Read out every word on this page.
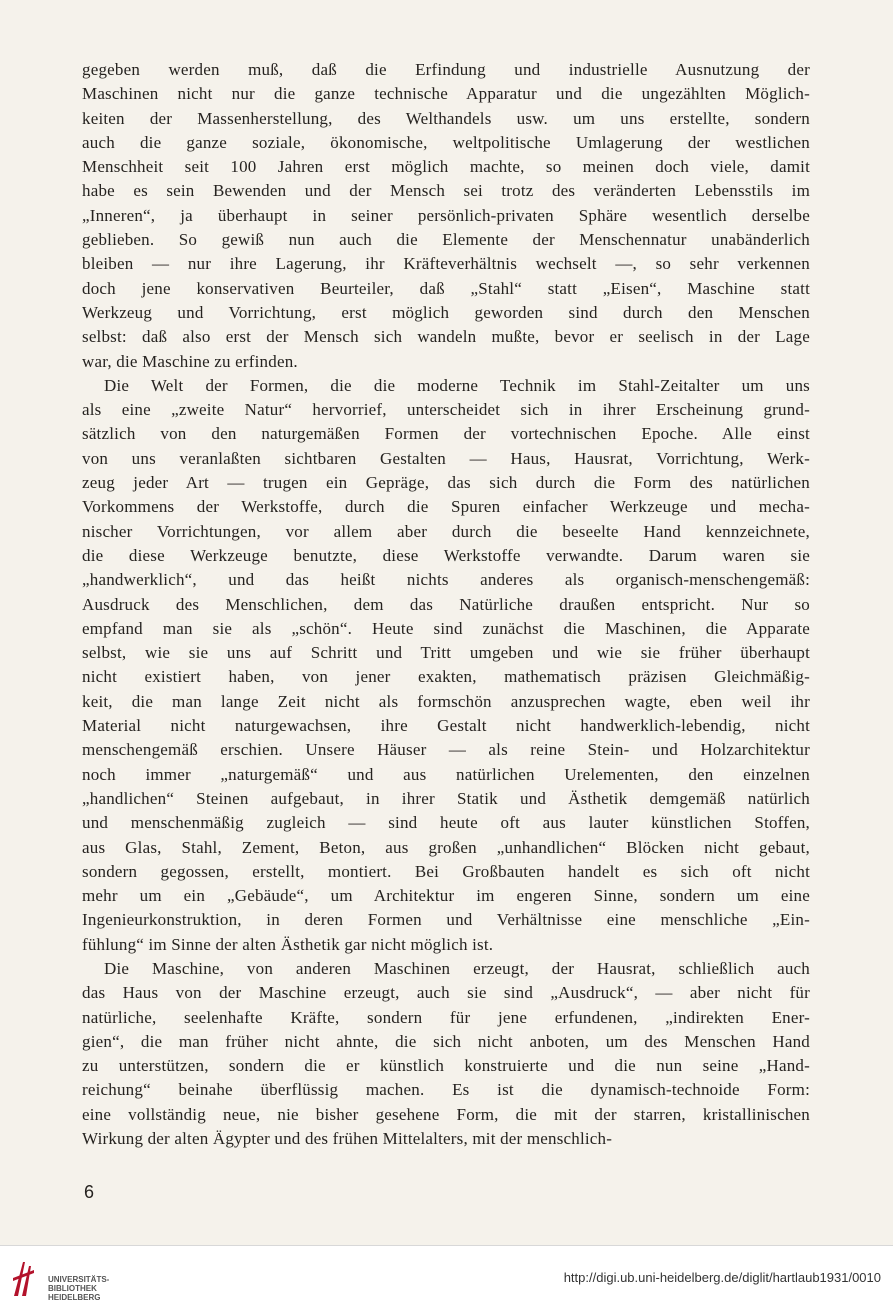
gegeben werden muß, daß die Erfindung und industrielle Ausnutzung der
Maschinen nicht nur die ganze technische Apparatur und die ungezählten Möglich-
keiten der Massenherstellung, des Welthandels usw. um uns erstellte, sondern
auch die ganze soziale, ökonomische, weltpolitische Umlagerung der westlichen
Menschheit seit 100 Jahren erst möglich machte, so meinen doch viele, damit
habe es sein Bewenden und der Mensch sei trotz des veränderten Lebensstils im
„Inneren“, ja überhaupt in seiner persönlich-privaten Sphäre wesentlich derselbe
geblieben. So gewiß nun auch die Elemente der Menschennatur unabänderlich
bleiben — nur ihre Lagerung, ihr Kräfteverhältnis wechselt —, so sehr verkennen
doch jene konservativen Beurteiler, daß „Stahl“ statt „Eisen“, Maschine statt
Werkzeug und Vorrichtung, erst möglich geworden sind durch den Menschen
selbst: daß also erst der Mensch sich wandeln mußte, bevor er seelisch in der Lage
war, die Maschine zu erfinden.
Die Welt der Formen, die die moderne Technik im Stahl-Zeitalter um uns
als eine „zweite Natur“ hervorrief, unterscheidet sich in ihrer Erscheinung grund-
sätzlich von den naturgemäßen Formen der vortechnischen Epoche. Alle einst
von uns veranlaßten sichtbaren Gestalten — Haus, Hausrat, Vorrichtung, Werk-
zeug jeder Art — trugen ein Gepräge, das sich durch die Form des natürlichen
Vorkommens der Werkstoffe, durch die Spuren einfacher Werkzeuge und mecha-
nischer Vorrichtungen, vor allem aber durch die beseelte Hand kennzeichnete,
die diese Werkzeuge benutzte, diese Werkstoffe verwandte. Darum waren sie
„handwerklich“, und das heißt nichts anderes als organisch-menschengemäß:
Ausdruck des Menschlichen, dem das Natürliche draußen entspricht. Nur so
empfand man sie als „schön“. Heute sind zunächst die Maschinen, die Apparate
selbst, wie sie uns auf Schritt und Tritt umgeben und wie sie früher überhaupt
nicht existiert haben, von jener exakten, mathematisch präzisen Gleichmäßig-
keit, die man lange Zeit nicht als formschön anzusprechen wagte, eben weil ihr
Material nicht naturgewachsen, ihre Gestalt nicht handwerklich-lebendig, nicht
menschengemäß erschien. Unsere Häuser — als reine Stein- und Holzarchitektur
noch immer „naturgemäß“ und aus natürlichen Urelementen, den einzelnen
„handlichen“ Steinen aufgebaut, in ihrer Statik und Ästhetik demgemäß natürlich
und menschenmäßig zugleich — sind heute oft aus lauter künstlichen Stoffen,
aus Glas, Stahl, Zement, Beton, aus großen „unhandlichen“ Blöcken nicht gebaut,
sondern gegossen, erstellt, montiert. Bei Großbauten handelt es sich oft nicht
mehr um ein „Gebäude“, um Architektur im engeren Sinne, sondern um eine
Ingenieurkonstruktion, in deren Formen und Verhältnisse eine menschliche „Ein-
fühlung“ im Sinne der alten Ästhetik gar nicht möglich ist.
Die Maschine, von anderen Maschinen erzeugt, der Hausrat, schließlich auch
das Haus von der Maschine erzeugt, auch sie sind „Ausdruck“, — aber nicht für
natürliche, seelenhafte Kräfte, sondern für jene erfundenen, „indirekten Ener-
gien“, die man früher nicht ahnte, die sich nicht anboten, um des Menschen Hand
zu unterstützen, sondern die er künstlich konstruierte und die nun seine „Hand-
reichung“ beinahe überflüssig machen. Es ist die dynamisch-technoide Form:
eine vollständig neue, nie bisher gesehene Form, die mit der starren, kristallinischen
Wirkung der alten Ägypter und des frühen Mittelalters, mit der menschlich-
6
UNIVERSITÄTS-
BIBLIOTHEK
HEIDELBERG
http://digi.ub.uni-heidelberg.de/diglit/hartlaub1931/0010
